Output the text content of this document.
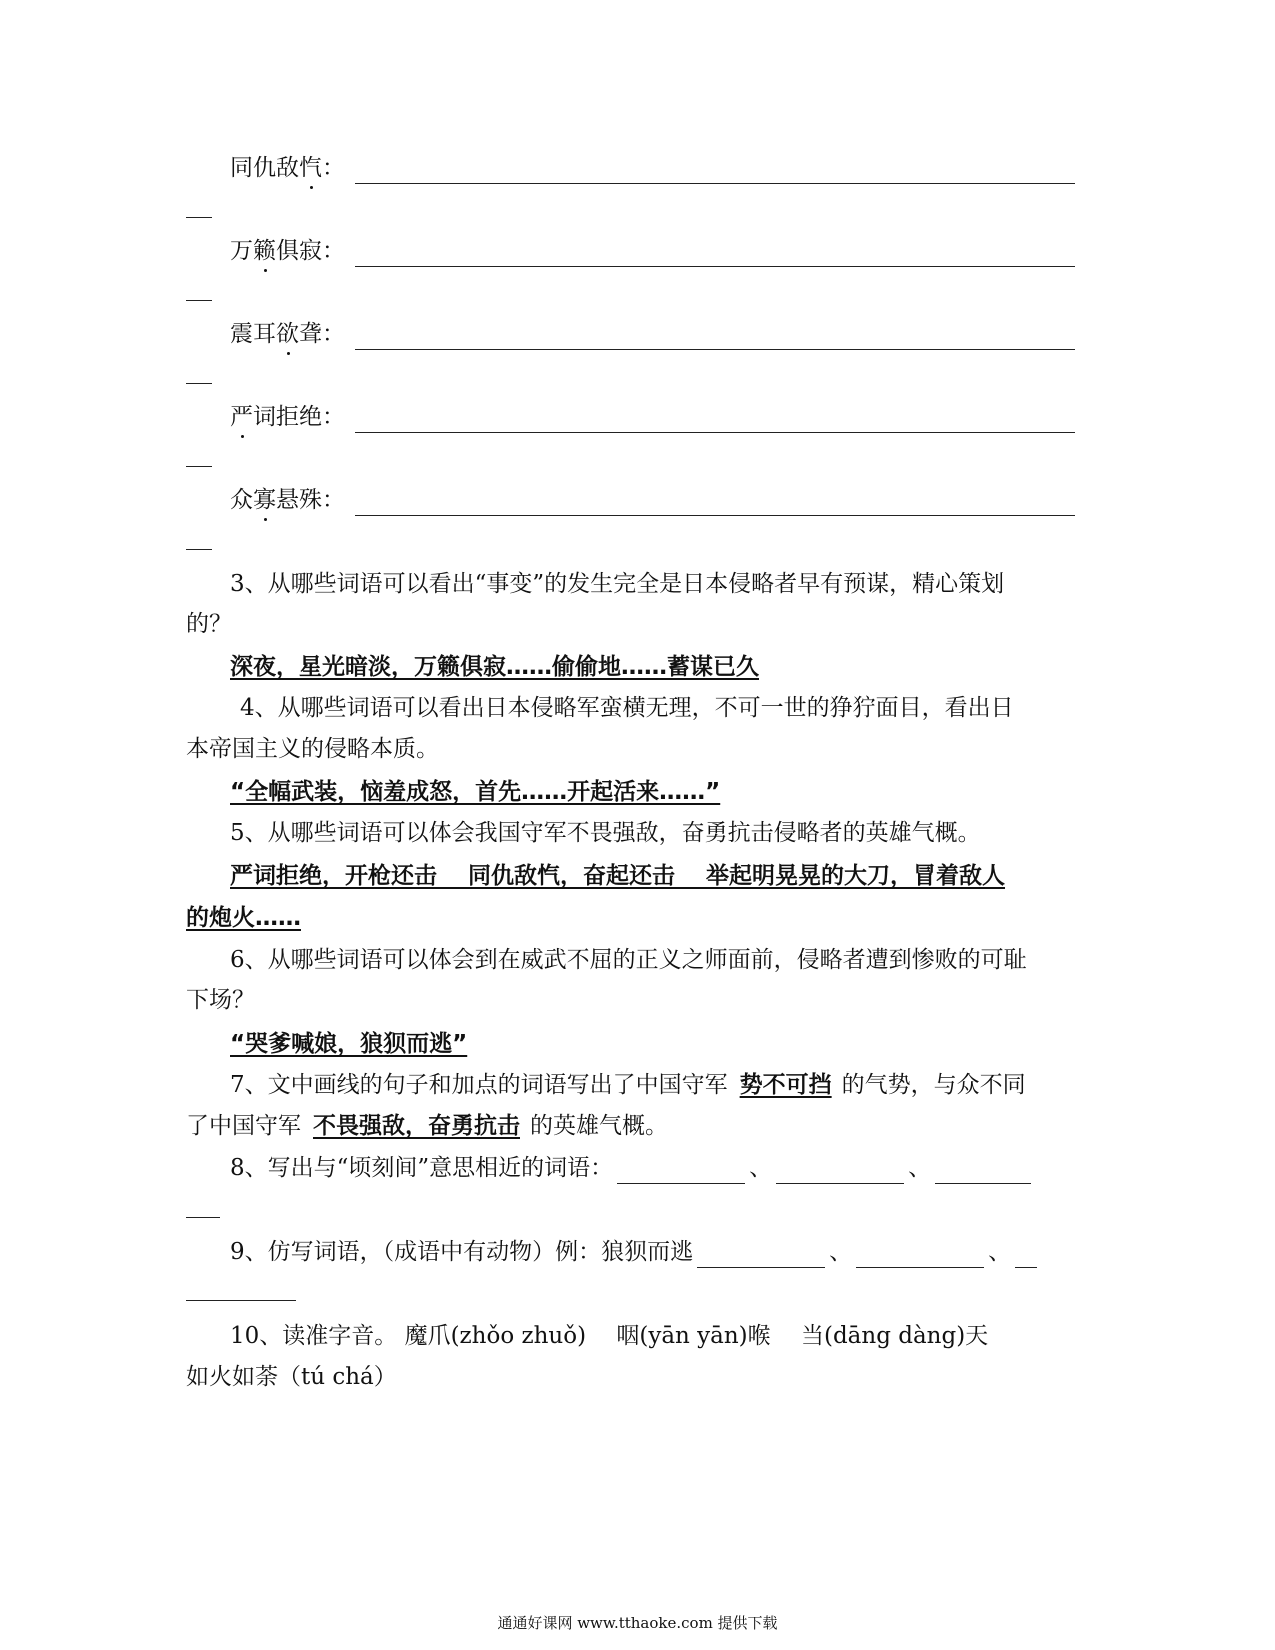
同仇敌忾：
万籁俱寂：
震耳欲聋：
严词拒绝：
众寡悬殊：
3、从哪些词语可以看出“事变”的发生完全是日本侵略者早有预谋，精心策划
的？
深夜，星光暗淡，万籁俱寂……偷偷地……蓄谋已久
4、从哪些词语可以看出日本侵略军蛮横无理，不可一世的狰狞面目，看出日
本帝国主义的侵略本质。
“全幅武装，恼羞成怒，首先……开起活来……”
5、从哪些词语可以体会我国守军不畏强敌，奋勇抗击侵略者的英雄气概。
严词拒绝，开枪还击　 同仇敌忾，奋起还击　 举起明晃晃的大刀，冒着敌人
的炮火……
6、从哪些词语可以体会到在威武不屈的正义之师面前，侵略者遭到惨败的可耻
下场？
“哭爹喊娘，狼狈而逃”
7、文中画线的句子和加点的词语写出了中国守军 势不可挡 的气势，与众不同
了中国守军 不畏强敌，奋勇抗击 的英雄气概。
8、写出与“顷刻间”意思相近的词语：	、	、
9、仿写词语，（成语中有动物）例：狼狈而逃	、	、
10、读准字音。 魔爪(zhǒo zhuǒ)　 咽(yān yān)喉　 当(dāng dàng)天
如火如荼（tú chá）
通通好课网 www.tthaoke.com 提供下载
